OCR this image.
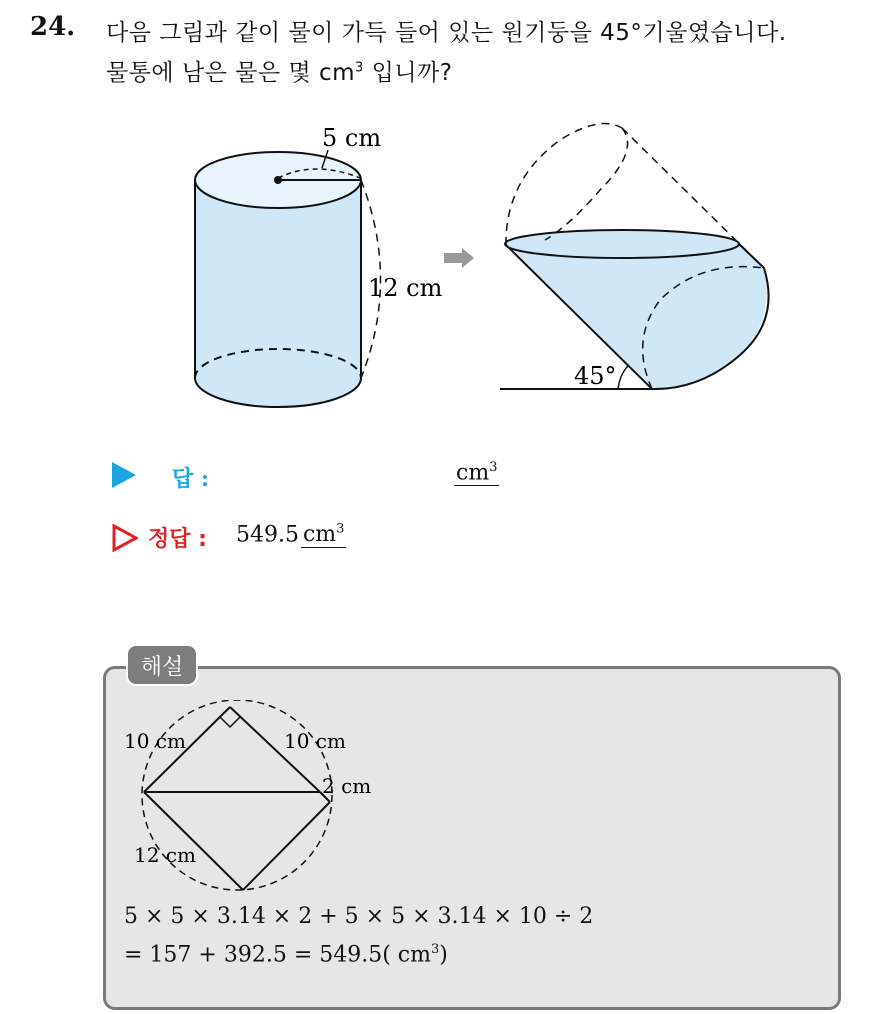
24. 다음 그림과 같이 물이 가득 들어 있는 원기둥을 45°기울였습니다.
물통에 남은 물은 몇 $cm^3$ 입니까?
5 cm
12 cm
45°
답 :	$cm^3$
정답 : 549.5 $cm^3$
해설
10 cm	10 cm
2 cm
12 cm
5 × 5 × 3.14 × 2 + 5 × 5 × 3.14 × 10 ÷ 2
= 157 + 392.5 = 549.5( $cm^3$)
